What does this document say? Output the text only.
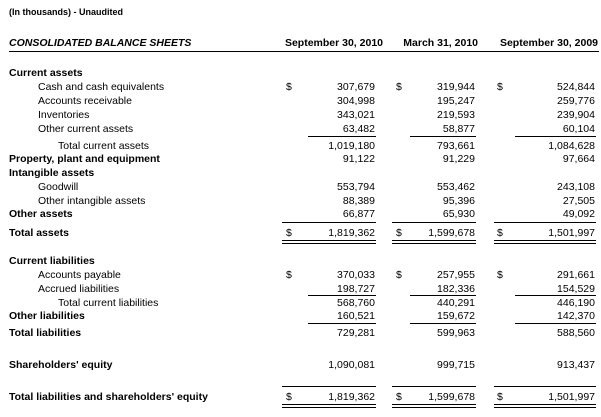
(In thousands) - Unaudited
CONSOLIDATED BALANCE SHEETS	September 30, 2010	March 31, 2010	September 30, 2009
Current assets
Cash and cash equivalents	$	307,679 $	319,944 $	524,844
Accounts receivable	304,998	195,247	259,776
Inventories	343,021	219,593	239,904
Other current assets	63,482	58,877	60,104
Total current assets	1,019,180	793,661	1,084,628
Property, plant and equipment	91,122	91,229	97,664
Intangible assets
Goodwill	553,794	553,462	243,108
Other intangible assets	88,389	95,396	27,505
Other assets	66,877	65,930	49,092
Total assets	$	1,819,362 $	1,599,678 $	1,501,997
Current liabilities
Accounts payable	$	370,033 $	257,955 $	291,661
Accrued liabilities	198,727	182,336	154,529
Total current liabilities	568,760	440,291	446,190
Other liabilities	160,521	159,672	142,370
Total liabilities	729,281	599,963	588,560
Shareholders' equity	1,090,081	999,715	913,437
Total liabilities and shareholders' equity	$	1,819,362 $	1,599,678 $	1,501,997
